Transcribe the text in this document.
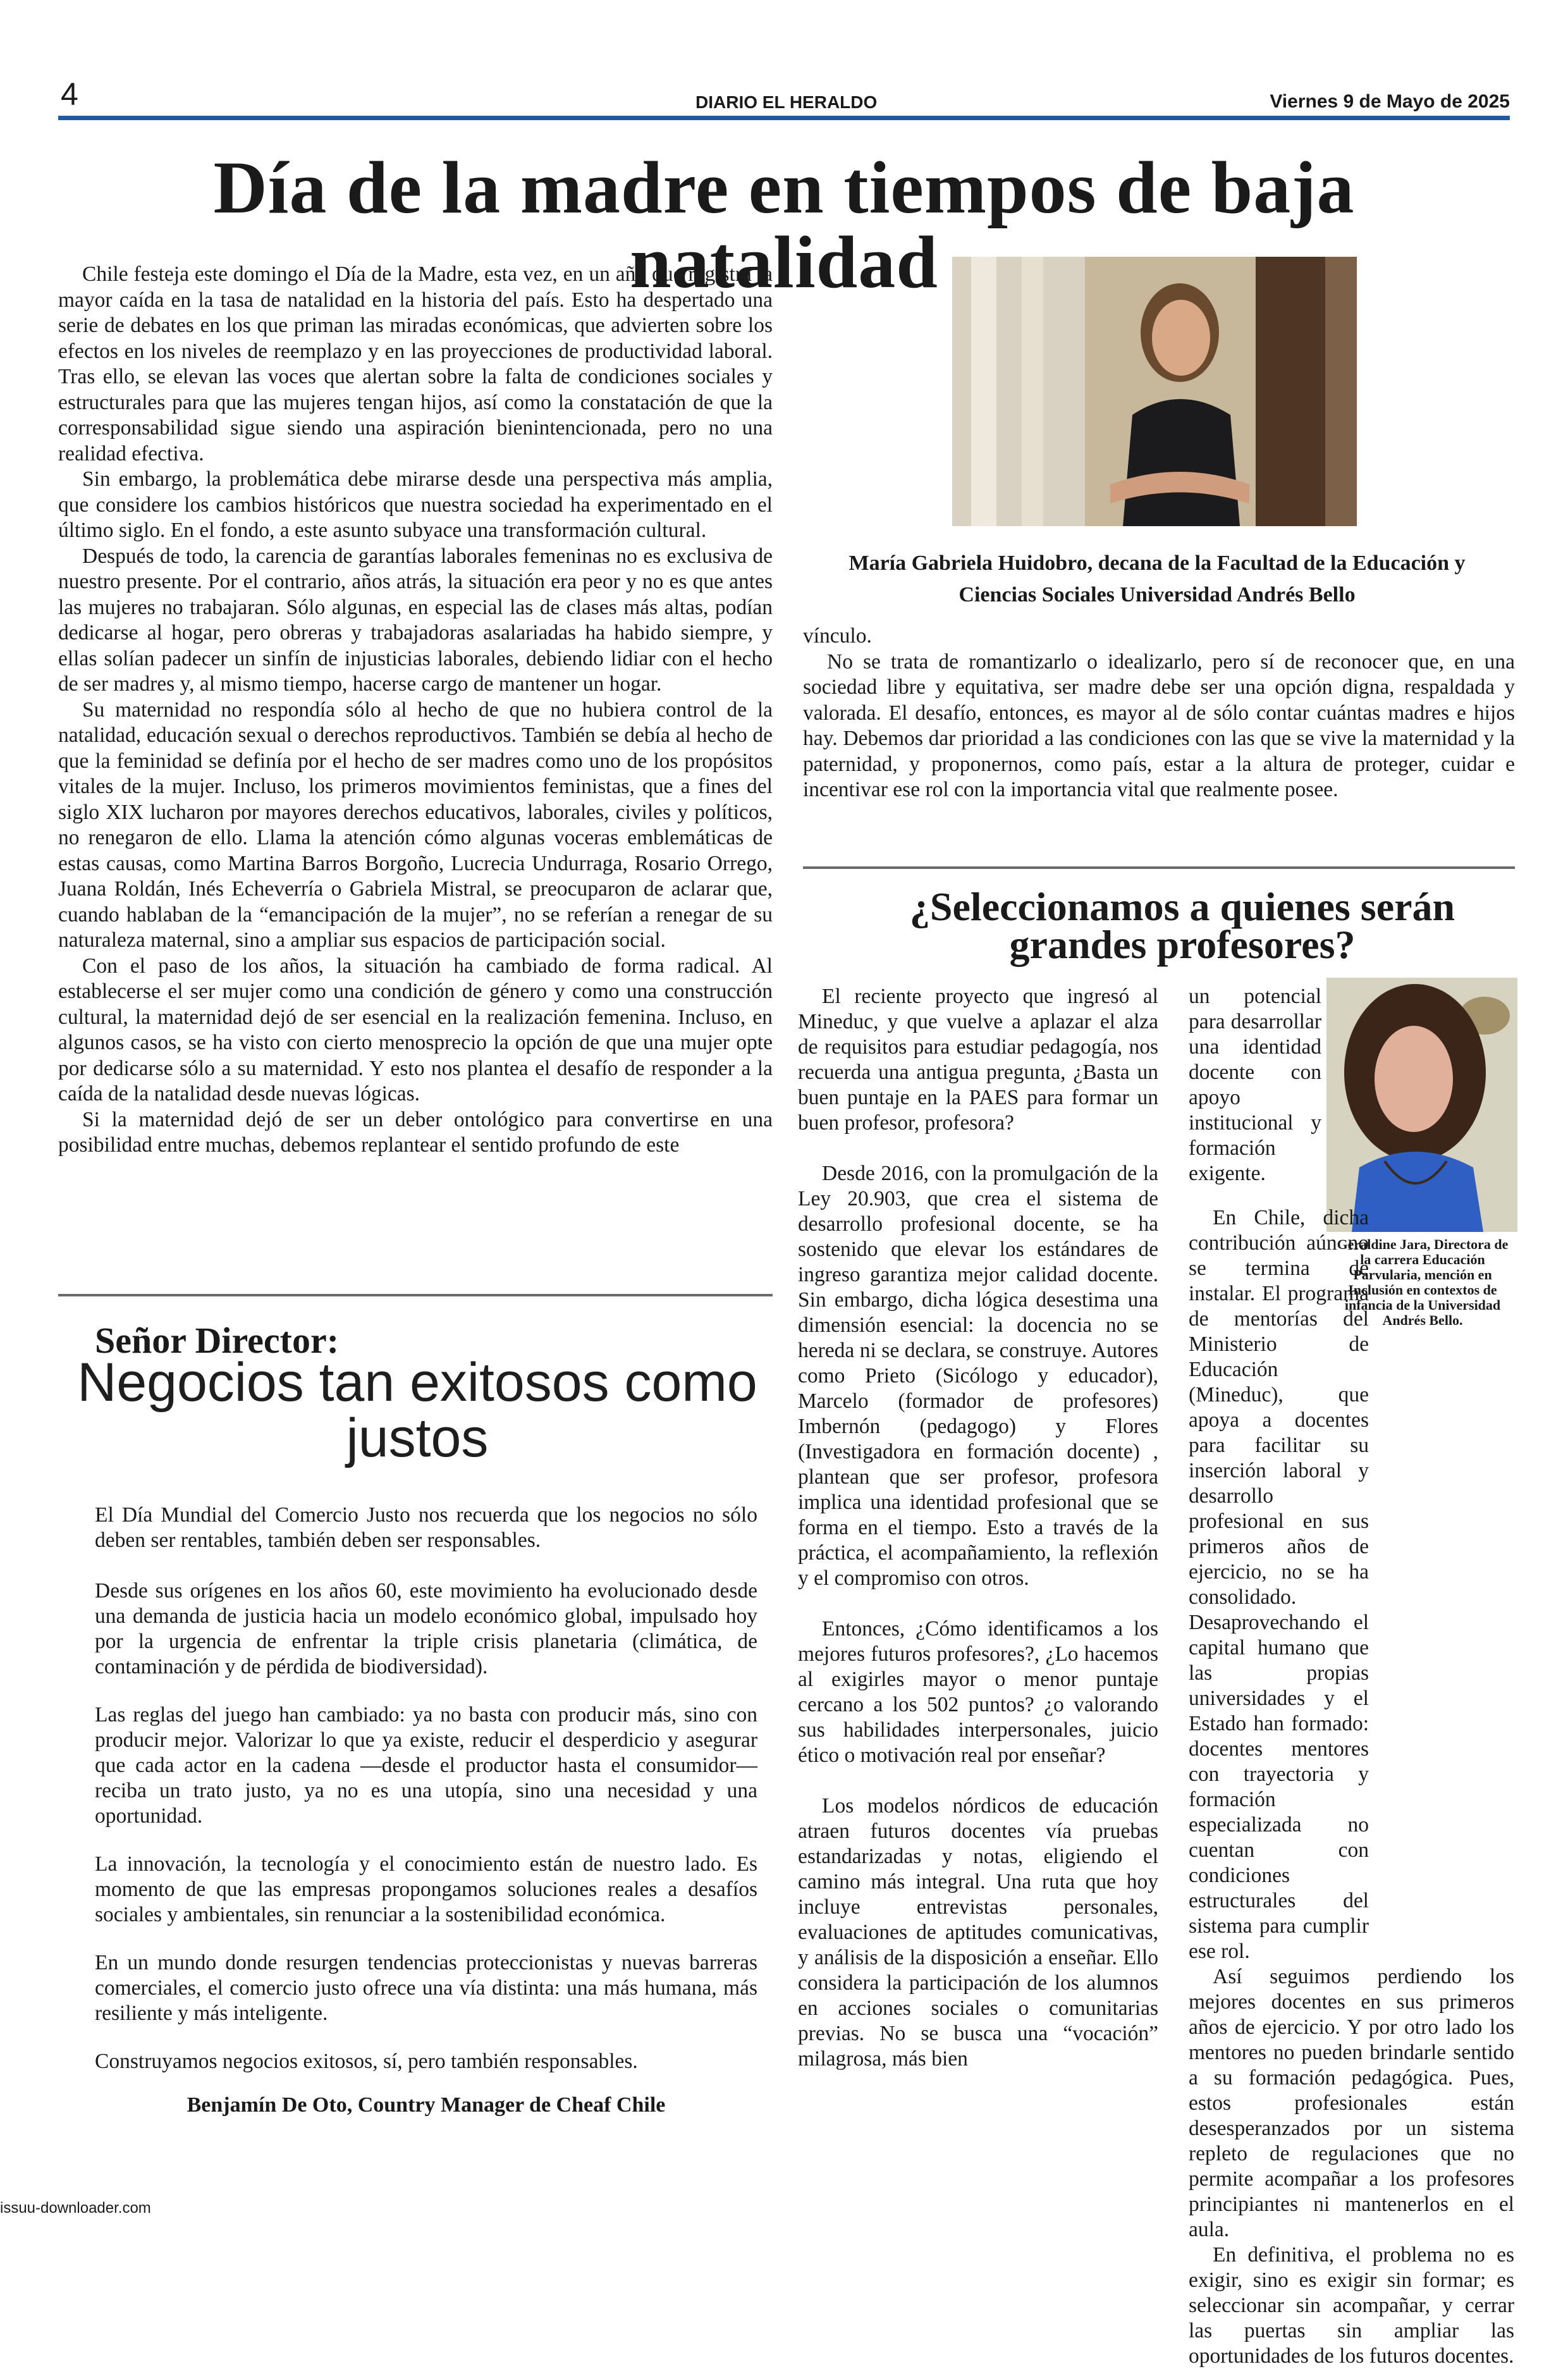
4	DIARIO EL HERALDO	Viernes 9 de Mayo de 2025
Día de la madre en tiempos de baja natalidad

Chile festeja este domingo el Día de la Madre, esta vez, en un año que registra la mayor caída en la tasa de natalidad en la historia del país. Esto ha despertado una serie de debates en los que priman las miradas económicas, que advierten sobre los efectos en los niveles de reemplazo y en las proyecciones de productividad laboral. Tras ello, se elevan las voces que alertan sobre la falta de condiciones sociales y estructurales para que las mujeres tengan hijos, así como la constatación de que la corresponsabilidad sigue siendo una aspiración bienintencionada, pero no una realidad efectiva.

Sin embargo, la problemática debe mirarse desde una perspectiva más amplia, que considere los cambios históricos que nuestra sociedad ha experimentado en el último siglo. En el fondo, a este asunto subyace una transformación cultural.

Después de todo, la carencia de garantías laborales femeninas no es exclusiva de nuestro presente. Por el contrario, años atrás, la situación era peor y no es que antes las mujeres no trabajaran. Sólo algunas, en especial las de clases más altas, podían dedicarse al hogar, pero obreras y trabajadoras asalariadas ha habido siempre, y ellas solían padecer un sinfín de injusticias laborales, debiendo lidiar con el hecho de ser madres y, al mismo tiempo, hacerse cargo de mantener un hogar.

Su maternidad no respondía sólo al hecho de que no hubiera control de la natalidad, educación sexual o derechos reproductivos. También se debía al hecho de que la feminidad se definía por el hecho de ser madres como uno de los propósitos vitales de la mujer. Incluso, los primeros movimientos feministas, que a fines del siglo XIX lucharon por mayores derechos educativos, laborales, civiles y políticos, no renegaron de ello. Llama la atención cómo algunas voceras emblemáticas de estas causas, como Martina Barros Borgoño, Lucrecia Undurraga, Rosario Orrego, Juana Roldán, Inés Echeverría o Gabriela Mistral, se preocuparon de aclarar que, cuando hablaban de la “emancipación de la mujer”, no se referían a renegar de su naturaleza maternal, sino a ampliar sus espacios de participación social.

Con el paso de los años, la situación ha cambiado de forma radical. Al establecerse el ser mujer como una condición de género y como una construcción cultural, la maternidad dejó de ser esencial en la realización femenina. Incluso, en algunos casos, se ha visto con cierto menosprecio la opción de que una mujer opte por dedicarse sólo a su maternidad. Y esto nos plantea el desafío de responder a la caída de la natalidad desde nuevas lógicas.

Si la maternidad dejó de ser un deber ontológico para convertirse en una posibilidad entre muchas, debemos replantear el sentido profundo de este

María Gabriela Huidobro, decana de la Facultad de la Educación y Ciencias Sociales Universidad Andrés Bello

vínculo.

No se trata de romantizarlo o idealizarlo, pero sí de reconocer que, en una sociedad libre y equitativa, ser madre debe ser una opción digna, respaldada y valorada. El desafío, entonces, es mayor al de sólo contar cuántas madres e hijos hay. Debemos dar prioridad a las condiciones con las que se vive la maternidad y la paternidad, y proponernos, como país, estar a la altura de proteger, cuidar e incentivar ese rol con la importancia vital que realmente posee.

Señor Director:
Negocios tan exitosos como justos

El Día Mundial del Comercio Justo nos recuerda que los negocios no sólo deben ser rentables, también deben ser responsables.

Desde sus orígenes en los años 60, este movimiento ha evolucionado desde una demanda de justicia hacia un modelo económico global, impulsado hoy por la urgencia de enfrentar la triple crisis planetaria (climática, de contaminación y de pérdida de biodiversidad).

Las reglas del juego han cambiado: ya no basta con producir más, sino con producir mejor. Valorizar lo que ya existe, reducir el desperdicio y asegurar que cada actor en la cadena —desde el productor hasta el consumidor— reciba un trato justo, ya no es una utopía, sino una necesidad y una oportunidad.

La innovación, la tecnología y el conocimiento están de nuestro lado. Es momento de que las empresas propongamos soluciones reales a desafíos sociales y ambientales, sin renunciar a la sostenibilidad económica.

En un mundo donde resurgen tendencias proteccionistas y nuevas barreras comerciales, el comercio justo ofrece una vía distinta: una más humana, más resiliente y más inteligente.

Construyamos negocios exitosos, sí, pero también responsables.

Benjamín De Oto, Country Manager de Cheaf Chile
¿Seleccionamos a quienes serán grandes profesores?

El reciente proyecto que ingresó al Mineduc, y que vuelve a aplazar el alza de requisitos para estudiar pedagogía, nos recuerda una antigua pregunta, ¿Basta un buen puntaje en la PAES para formar un buen profesor, profesora?

Desde 2016, con la promulgación de la Ley 20.903, que crea el sistema de desarrollo profesional docente, se ha sostenido que elevar los estándares de ingreso garantiza mejor calidad docente. Sin embargo, dicha lógica desestima una dimensión esencial: la docencia no se hereda ni se declara, se construye. Autores como Prieto (Sicólogo y educador), Marcelo (formador de profesores) Imbernón (pedagogo) y Flores (Investigadora en formación docente) , plantean que ser profesor, profesora implica una identidad profesional que se forma en el tiempo. Esto a través de la práctica, el acompañamiento, la reflexión y el compromiso con otros.

Entonces, ¿Cómo identificamos a los mejores futuros profesores?, ¿Lo hacemos al exigirles mayor o menor puntaje cercano a los 502 puntos? ¿o valorando sus habilidades interpersonales, juicio ético o motivación real por enseñar?

Los modelos nórdicos de educación atraen futuros docentes vía pruebas estandarizadas y notas, eligiendo el camino más integral. Una ruta que hoy incluye entrevistas personales, evaluaciones de aptitudes comunicativas, y análisis de la disposición a enseñar. Ello considera la participación de los alumnos en acciones sociales o comunitarias previas. No se busca una “vocación” milagrosa, más bien

un potencial para desarrollar una identidad docente con apoyo institucional y formación exigente.

Geraldine Jara, Directora de la carrera Educación Parvularia, mención en Inclusión en contextos de infancia de la Universidad Andrés Bello.

En Chile, dicha contribución aún no se termina de instalar. El programa de mentorías del Ministerio de Educación (Mineduc), que apoya a docentes para facilitar su inserción laboral y desarrollo profesional en sus primeros años de ejercicio, no se ha consolidado. Desaprovechando el capital humano que las propias universidades y el Estado han formado: docentes mentores con trayectoria y formación especializada no cuentan con condiciones estructurales del sistema para cumplir ese rol.

Así seguimos perdiendo los mejores docentes en sus primeros años de ejercicio. Y por otro lado los mentores no pueden brindarle sentido a su formación pedagógica. Pues, estos profesionales están desesperanzados por un sistema repleto de regulaciones que no permite acompañar a los profesores principiantes ni mantenerlos en el aula.

En definitiva, el problema no es exigir, sino es exigir sin formar; es seleccionar sin acompañar, y cerrar las puertas sin ampliar las oportunidades de los futuros docentes.

issuu-downloader.com
